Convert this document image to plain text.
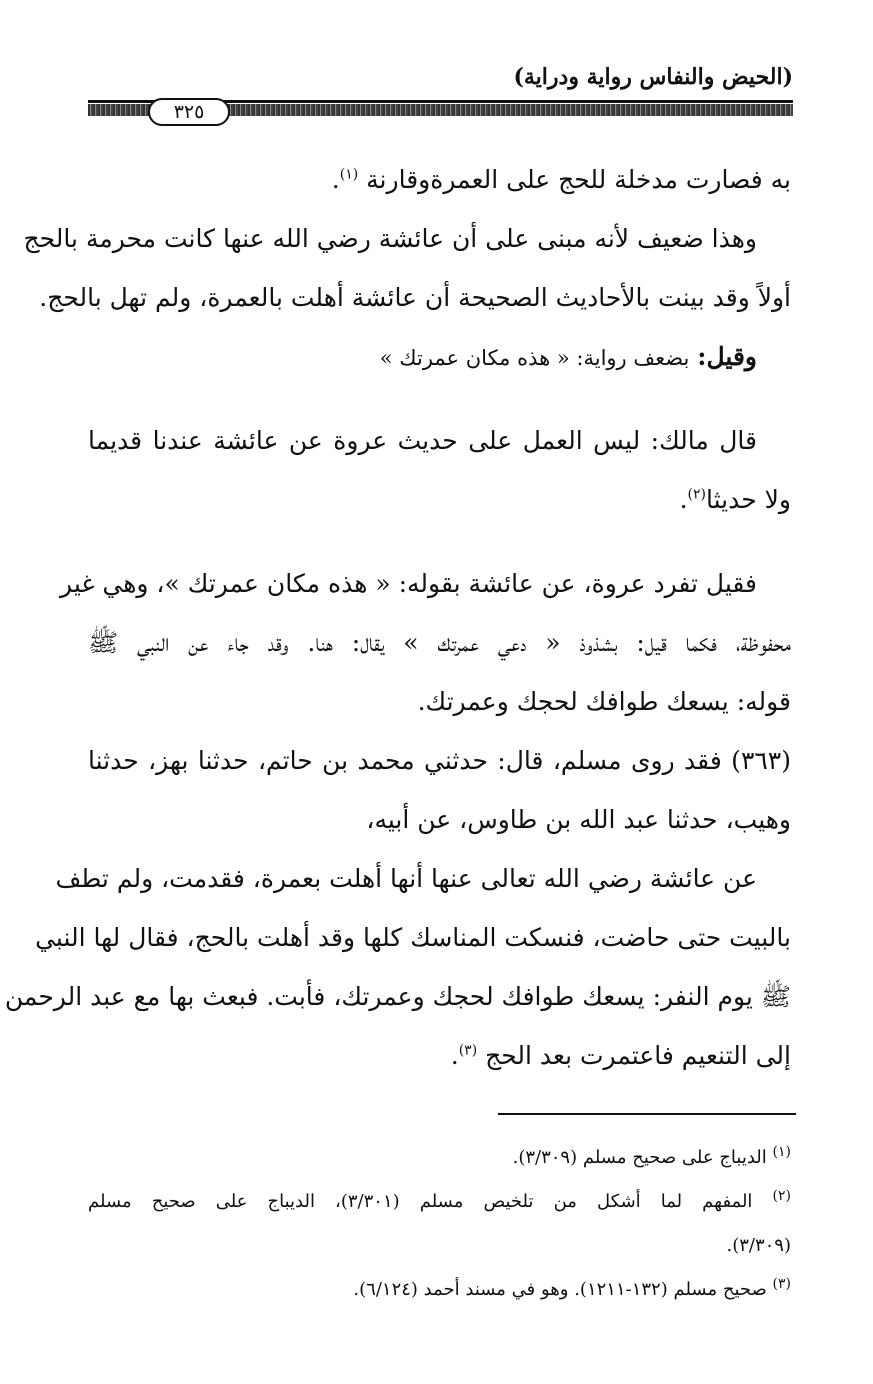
(الحيض والنفاس رواية ودراية)
٣٢٥
به فصارت مدخلة للحج على العمرةوقارنة $^{(١)}$.
وهذا ضعيف لأنه مبنى على أن عائشة رضي الله عنها كانت محرمة بالحج
أولاً وقد بينت بالأحاديث الصحيحة أن عائشة أهلت بالعمرة، ولم تهل بالحج.
وقيل: بضعف رواية: « هذه مكان عمرتك »
قال مالك: ليس العمل على حديث عروة عن عائشة عندنا قديما
ولا حديثا$^{(٢)}$.
فقيل تفرد عروة، عن عائشة بقوله: « هذه مكان عمرتك »، وهي غير
محفوظة، فكما قيل: بشذوذ « دعي عمرتك » يقال: هنا. وقد جاء عن النبي ﷺ
قوله: يسعك طوافك لحجك وعمرتك.
(٣٦٣) فقد روى مسلم، قال: حدثني محمد بن حاتم، حدثنا بهز، حدثنا
وهيب، حدثنا عبد الله بن طاوس، عن أبيه،
عن عائشة رضي الله تعالى عنها أنها أهلت بعمرة، فقدمت، ولم تطف
بالبيت حتى حاضت، فنسكت المناسك كلها وقد أهلت بالحج، فقال لها النبي
ﷺ يوم النفر: يسعك طوافك لحجك وعمرتك، فأبت. فبعث بها مع عبد الرحمن
إلى التنعيم فاعتمرت بعد الحج $^{(٣)}$.
$^{(١)}$ الديباج على صحيح مسلم (٣/٣٠٩).
$^{(٢)}$ المفهم لما أشكل من تلخيص مسلم (٣/٣٠١)، الديباج على صحيح مسلم
(٣/٣٠٩).
$^{(٣)}$ صحيح مسلم (١٣٢-١٢١١). وهو في مسند أحمد (٦/١٢٤).
